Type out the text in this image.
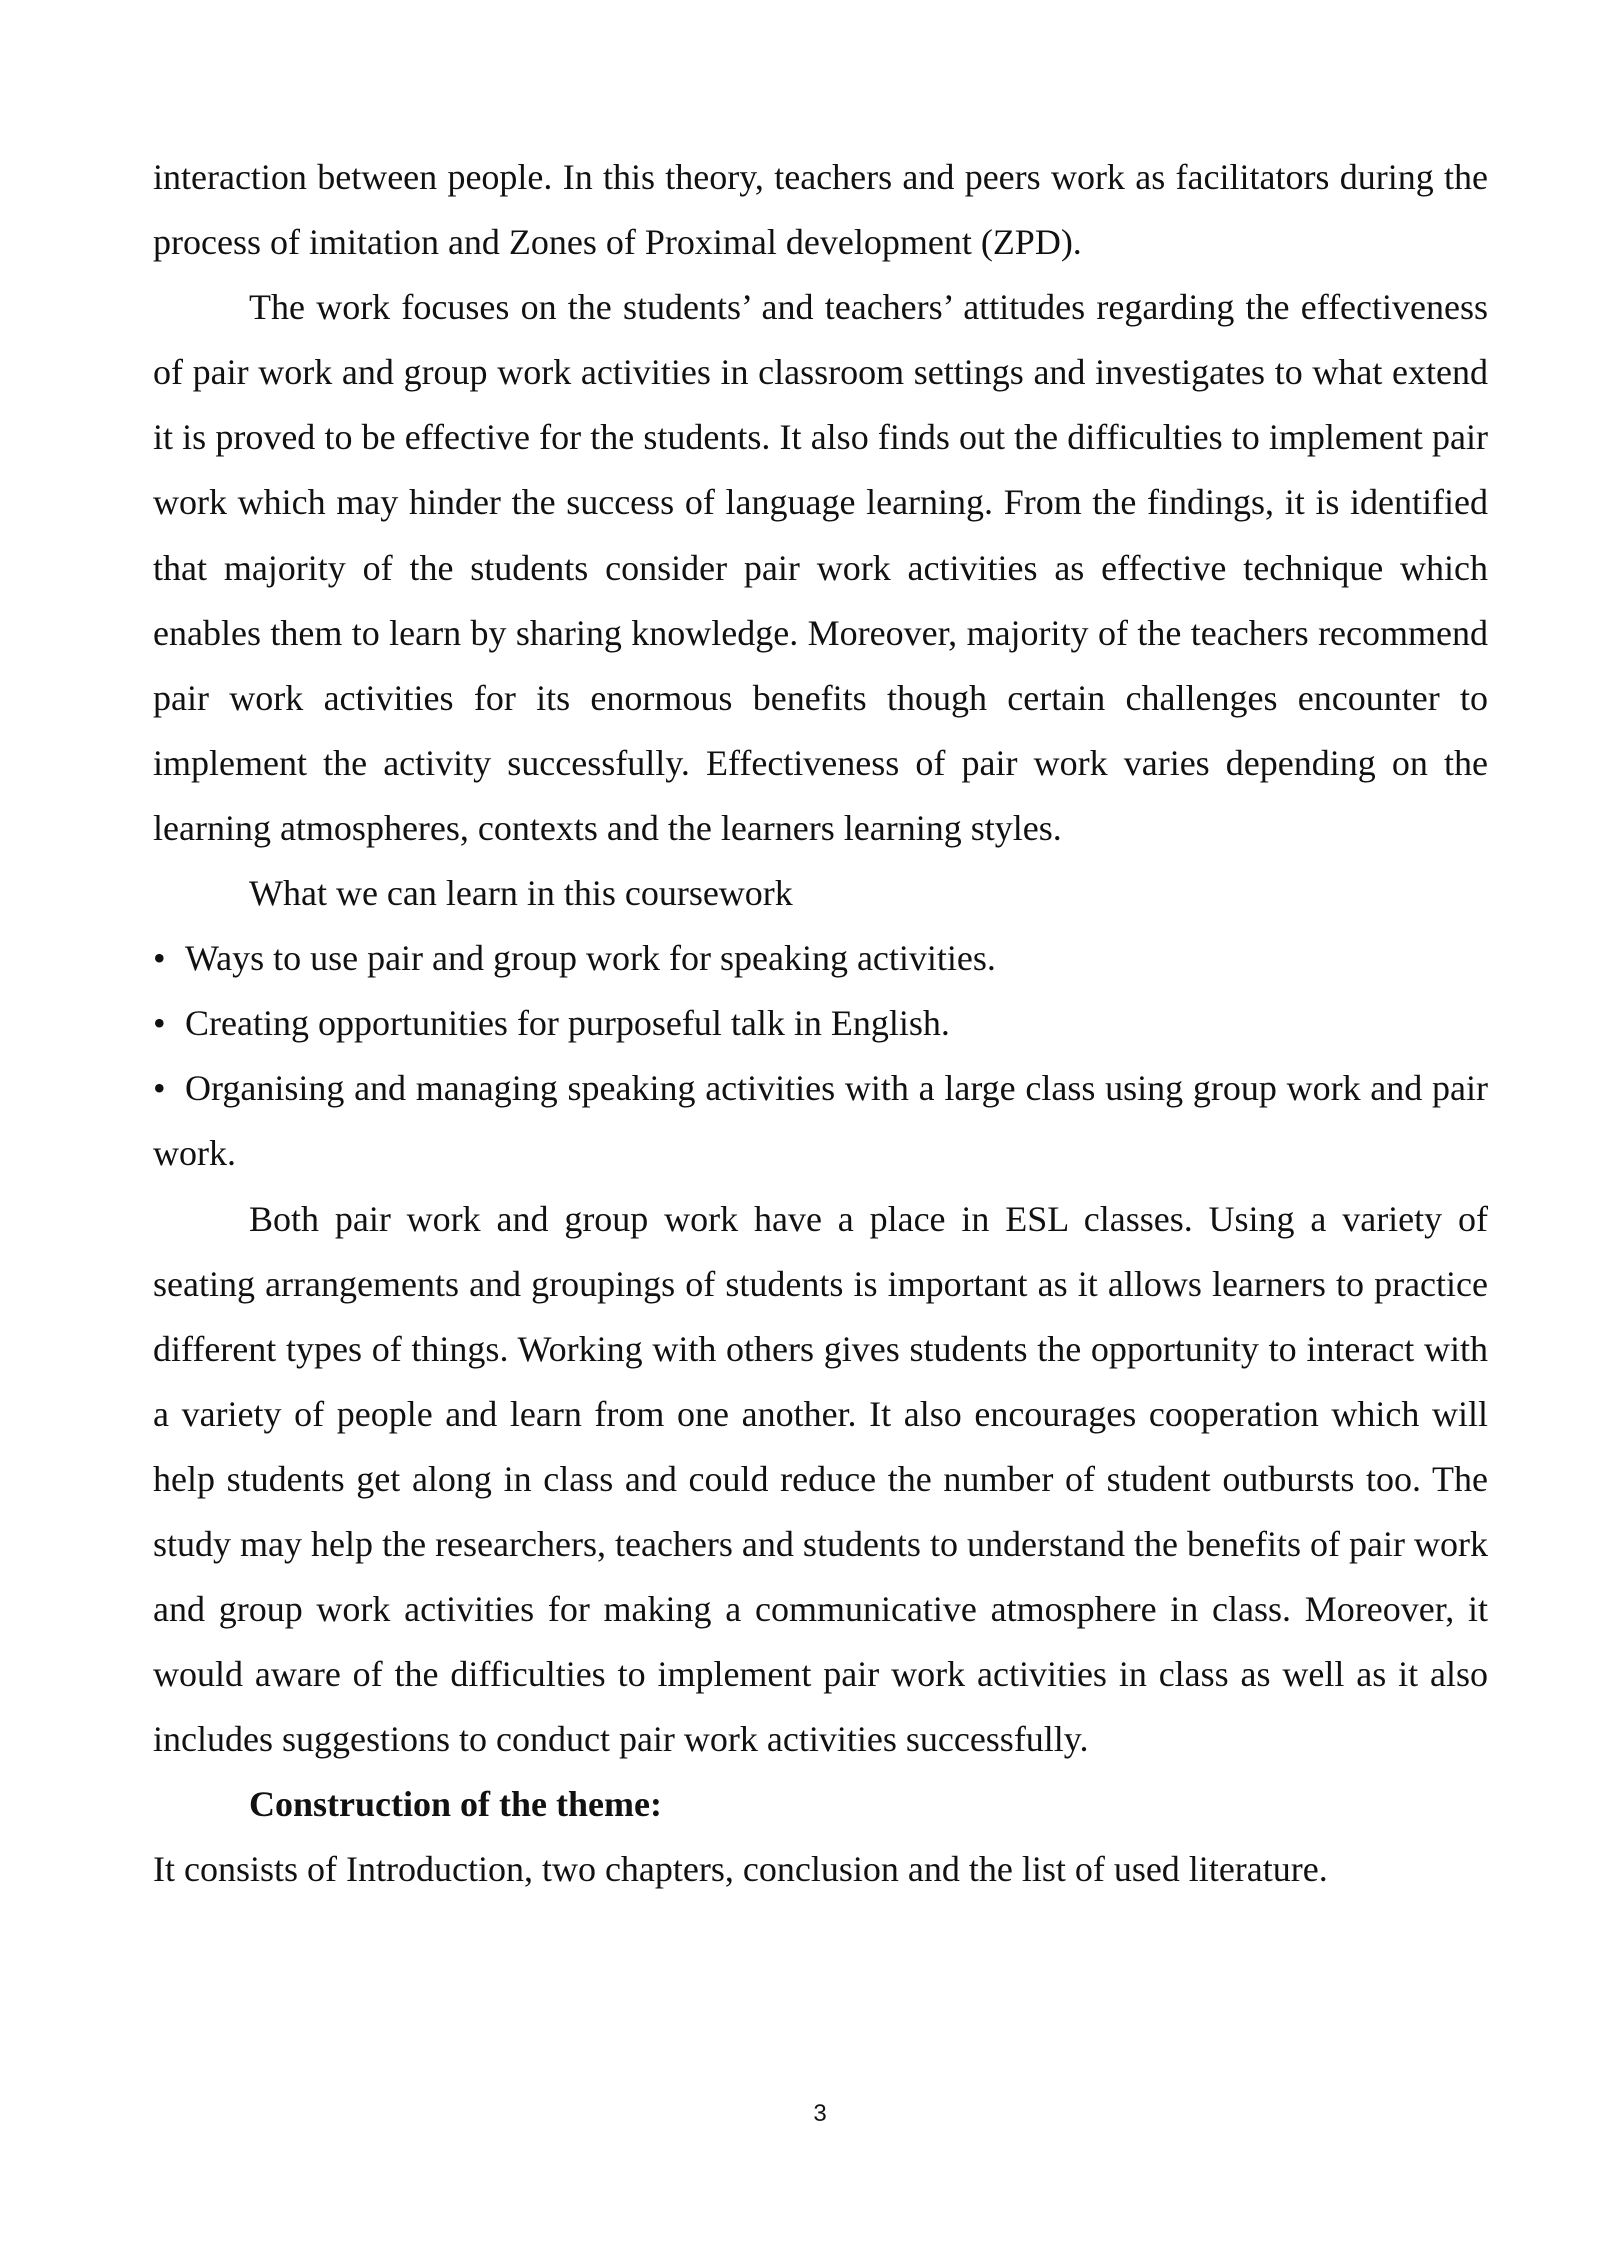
interaction between people. In this theory, teachers and peers work as facilitators during the process of imitation and Zones of Proximal development (ZPD).

The work focuses on the students’ and teachers’ attitudes regarding the effectiveness of pair work and group work activities in classroom settings and investigates to what extend it is proved to be effective for the students. It also finds out the difficulties to implement pair work which may hinder the success of language learning. From the findings, it is identified that majority of the students consider pair work activities as effective technique which enables them to learn by sharing knowledge. Moreover, majority of the teachers recommend pair work activities for its enormous benefits though certain challenges encounter to implement the activity successfully. Effectiveness of pair work varies depending on the learning atmospheres, contexts and the learners learning styles.

What we can learn in this coursework

• Ways to use pair and group work for speaking activities.

• Creating opportunities for purposeful talk in English.

• Organising and managing speaking activities with a large class using group work and pair work.

Both pair work and group work have a place in ESL classes. Using a variety of seating arrangements and groupings of students is important as it allows learners to practice different types of things. Working with others gives students the opportunity to interact with a variety of people and learn from one another. It also encourages cooperation which will help students get along in class and could reduce the number of student outbursts too. The study may help the researchers, teachers and students to understand the benefits of pair work and group work activities for making a communicative atmosphere in class. Moreover, it would aware of the difficulties to implement pair work activities in class as well as it also includes suggestions to conduct pair work activities successfully.

Construction of the theme:

It consists of Introduction, two chapters, conclusion and the list of used literature.

3
